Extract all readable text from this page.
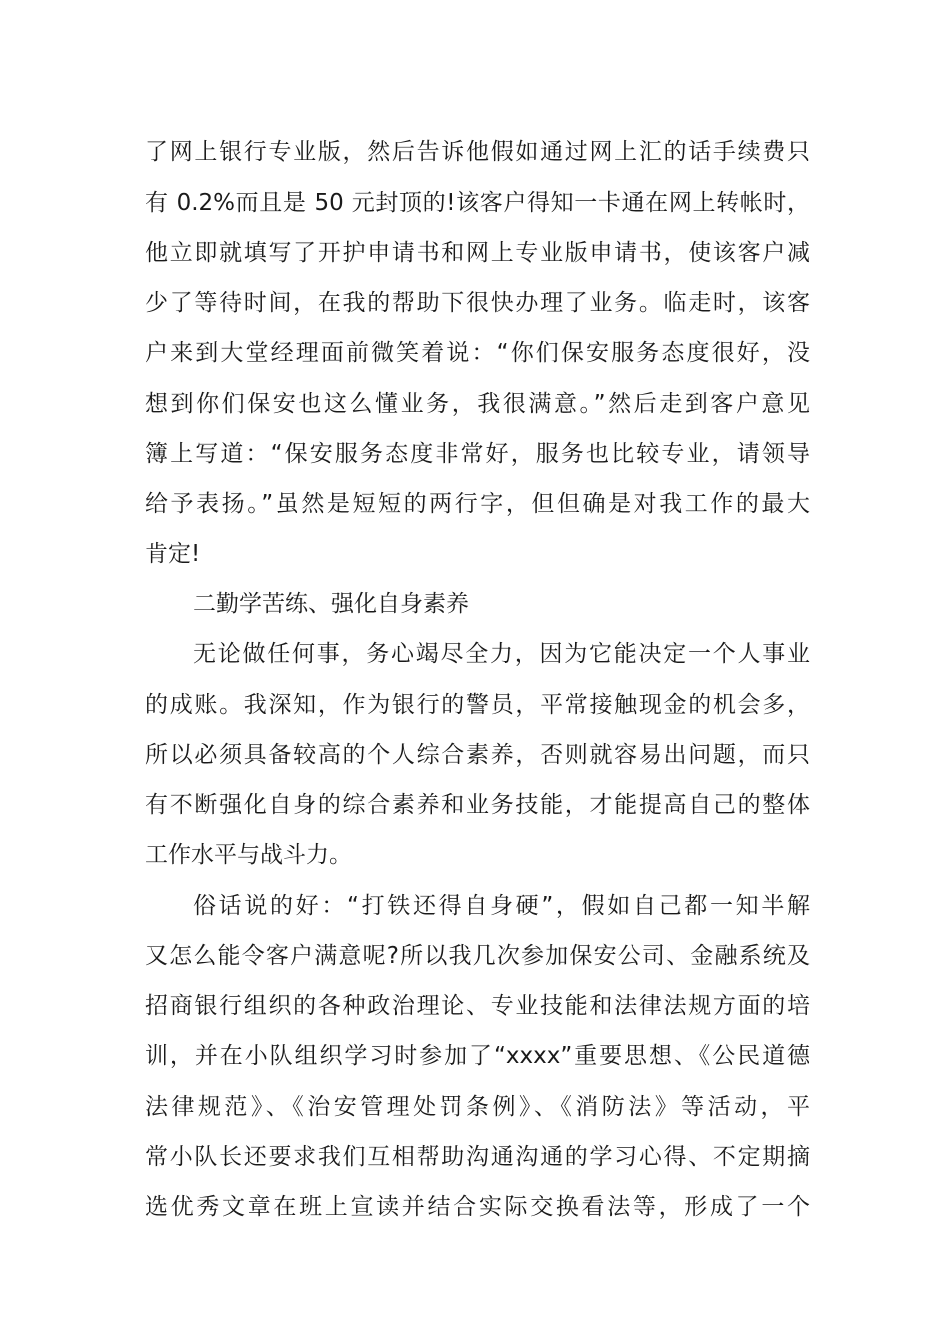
了网上银行专业版，然后告诉他假如通过网上汇的话手续费只
有 0.2%而且是 50 元封顶的!该客户得知一卡通在网上转帐时，
他立即就填写了开护申请书和网上专业版申请书，使该客户减
少了等待时间，在我的帮助下很快办理了业务。临走时，该客
户来到大堂经理面前微笑着说：“你们保安服务态度很好，没
想到你们保安也这么懂业务，我很满意。”然后走到客户意见
簿上写道：“保安服务态度非常好，服务也比较专业，请领导
给予表扬。”虽然是短短的两行字，但但确是对我工作的最大
肯定!
二勤学苦练、强化自身素养
无论做任何事，务心竭尽全力，因为它能决定一个人事业
的成账。我深知，作为银行的警员，平常接触现金的机会多，
所以必须具备较高的个人综合素养，否则就容易出问题，而只
有不断强化自身的综合素养和业务技能，才能提高自己的整体
工作水平与战斗力。
俗话说的好：“打铁还得自身硬”，假如自己都一知半解
又怎么能令客户满意呢?所以我几次参加保安公司、金融系统及
招商银行组织的各种政治理论、专业技能和法律法规方面的培
训，并在小队组织学习时参加了“xxxx”重要思想、《公民道德
法律规范》、《治安管理处罚条例》、《消防法》等活动，平
常小队长还要求我们互相帮助沟通沟通的学习心得、不定期摘
选优秀文章在班上宣读并结合实际交换看法等，形成了一个
